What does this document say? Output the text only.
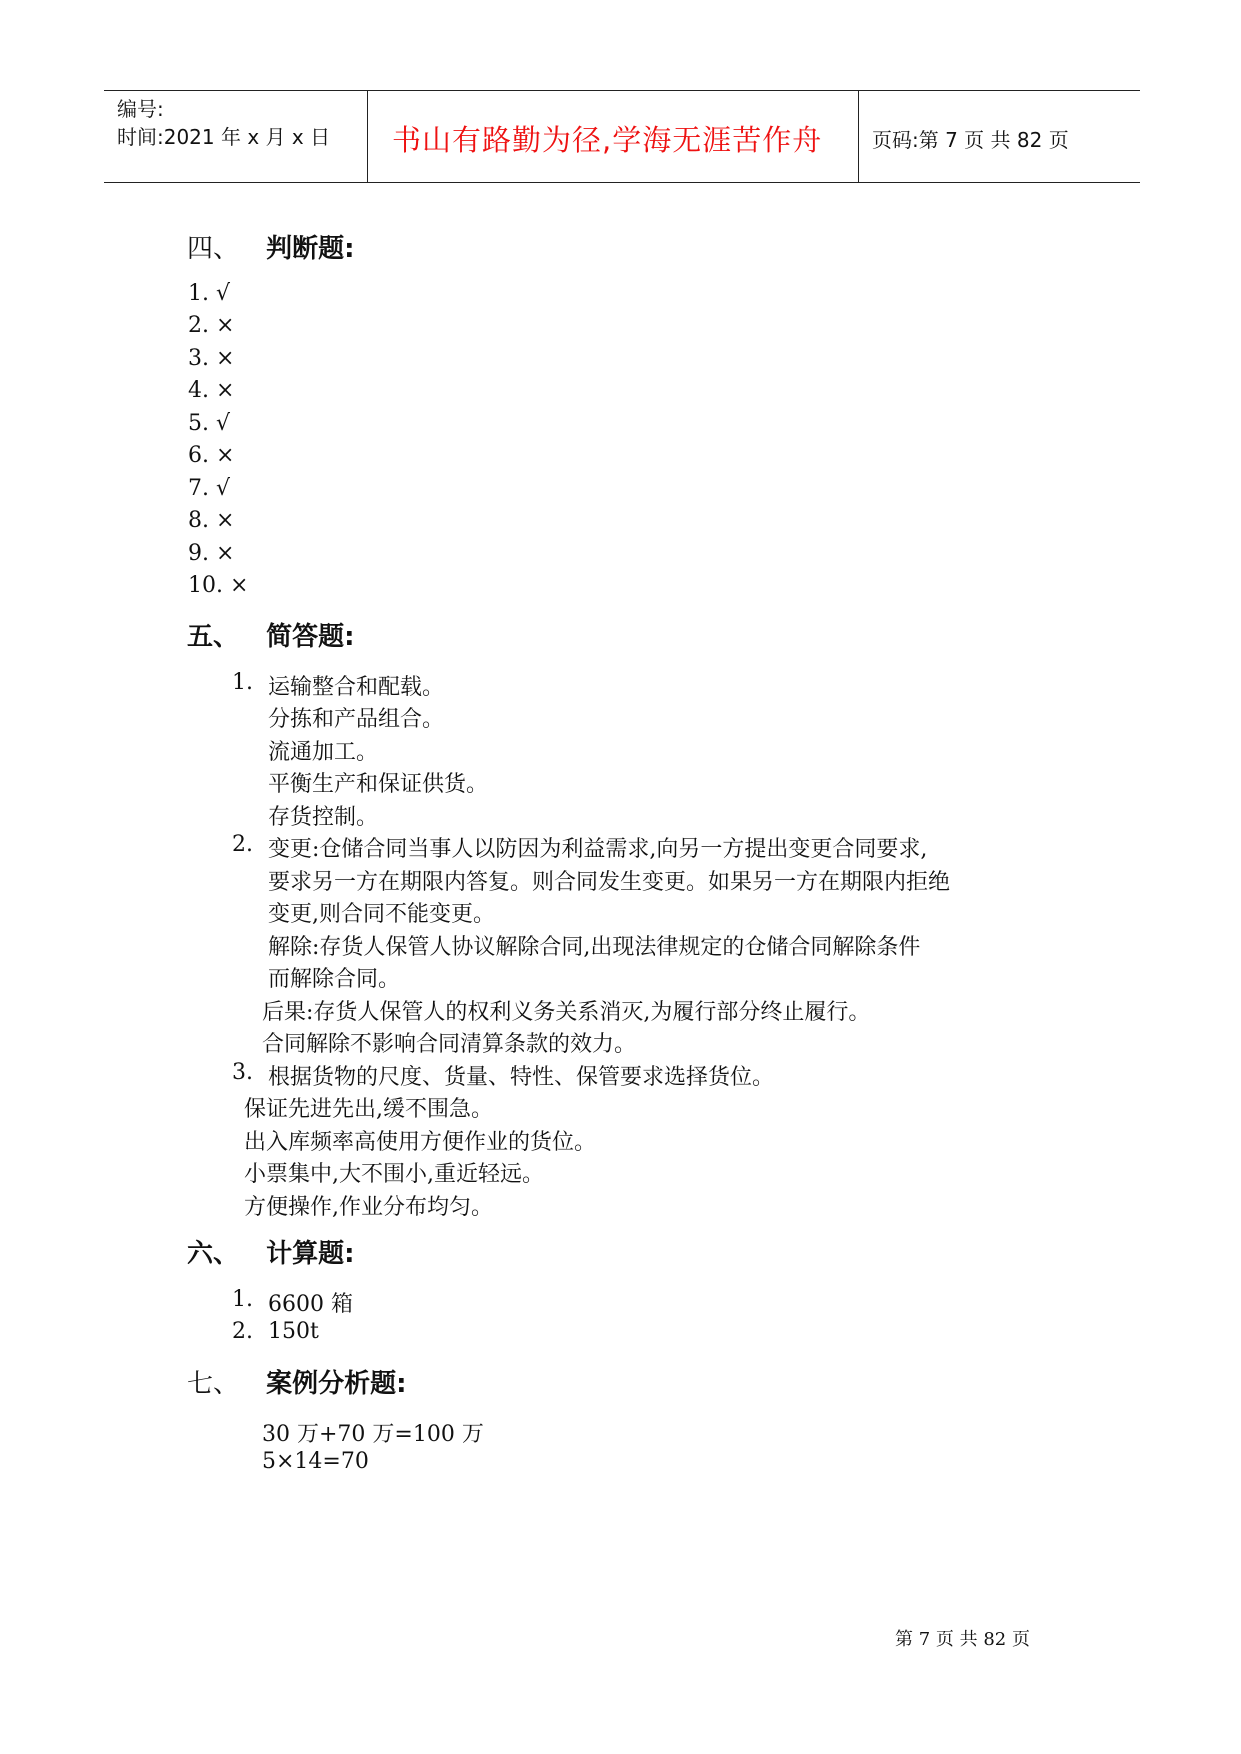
编号:
时间:2021 年 x 月 x 日 书山有路勤为径,学海无涯苦作舟 页码:第 7 页 共 82 页
四、 判断题:
1. √
2. ×
3. ×
4. ×
5. √
6. ×
7. √
8. ×
9. ×
10. ×
五、 简答题:
1. 运输整合和配载。
分拣和产品组合。
流通加工。
平衡生产和保证供货。
存货控制。
2. 变更:仓储合同当事人以防因为利益需求,向另一方提出变更合同要求,
要求另一方在期限内答复。则合同发生变更。如果另一方在期限内拒绝
变更,则合同不能变更。
解除:存货人保管人协议解除合同,出现法律规定的仓储合同解除条件
而解除合同。
后果:存货人保管人的权利义务关系消灭,为履行部分终止履行。
合同解除不影响合同清算条款的效力。
3. 根据货物的尺度、货量、特性、保管要求选择货位。
保证先进先出,缓不围急。
出入库频率高使用方便作业的货位。
小票集中,大不围小,重近轻远。
方便操作,作业分布均匀。
六、 计算题:
1. 6600 箱
2. 150t
七、 案例分析题:
30 万+70 万=100 万
5×14=70
第 7 页 共 82 页
